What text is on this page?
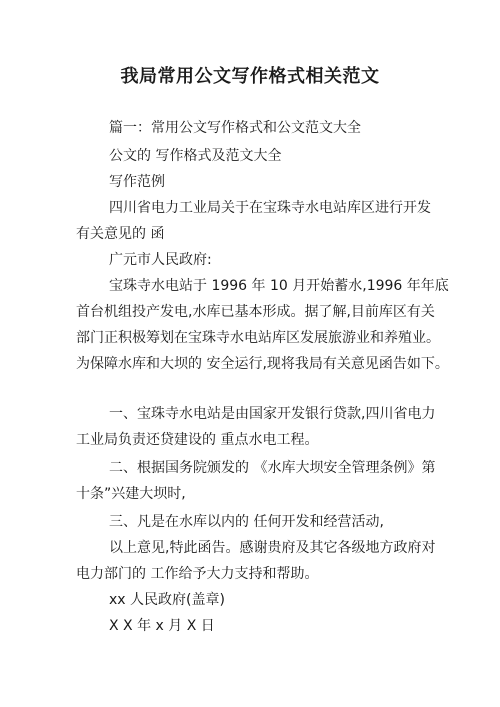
我局常用公文写作格式相关范文
篇一：常用公文写作格式和公文范文大全
公文的 写作格式及范文大全
写作范例
四川省电力工业局关于在宝珠寺水电站库区进行开发
有关意见的 函
广元市人民政府:
宝珠寺水电站于 1996 年 10 月开始蓄水,1996 年年底
首台机组投产发电,水库已基本形成。据了解,目前库区有关
部门正积极筹划在宝珠寺水电站库区发展旅游业和养殖业。
为保障水库和大坝的 安全运行,现将我局有关意见函告如下。
一、宝珠寺水电站是由国家开发银行贷款,四川省电力
工业局负责还贷建设的 重点水电工程。
二、根据国务院颁发的 《水库大坝安全管理条例》第
十条”兴建大坝时,
三、凡是在水库以内的 任何开发和经营活动,
以上意见,特此函告。感谢贵府及其它各级地方政府对
电力部门的 工作给予大力支持和帮助。
xx 人民政府(盖章)
X X 年 x 月 X 日
